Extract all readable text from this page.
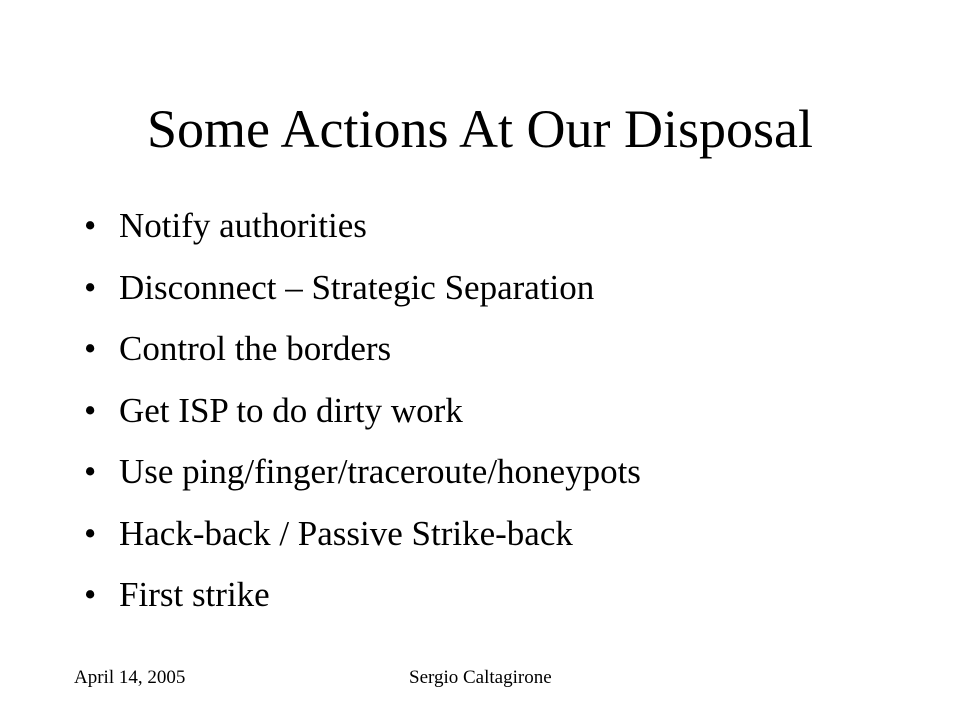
Some Actions At Our Disposal
• Notify authorities
• Disconnect – Strategic Separation
• Control the borders
• Get ISP to do dirty work
• Use ping/finger/traceroute/honeypots
• Hack-back / Passive Strike-back
• First strike
April 14, 2005	Sergio Caltagirone
